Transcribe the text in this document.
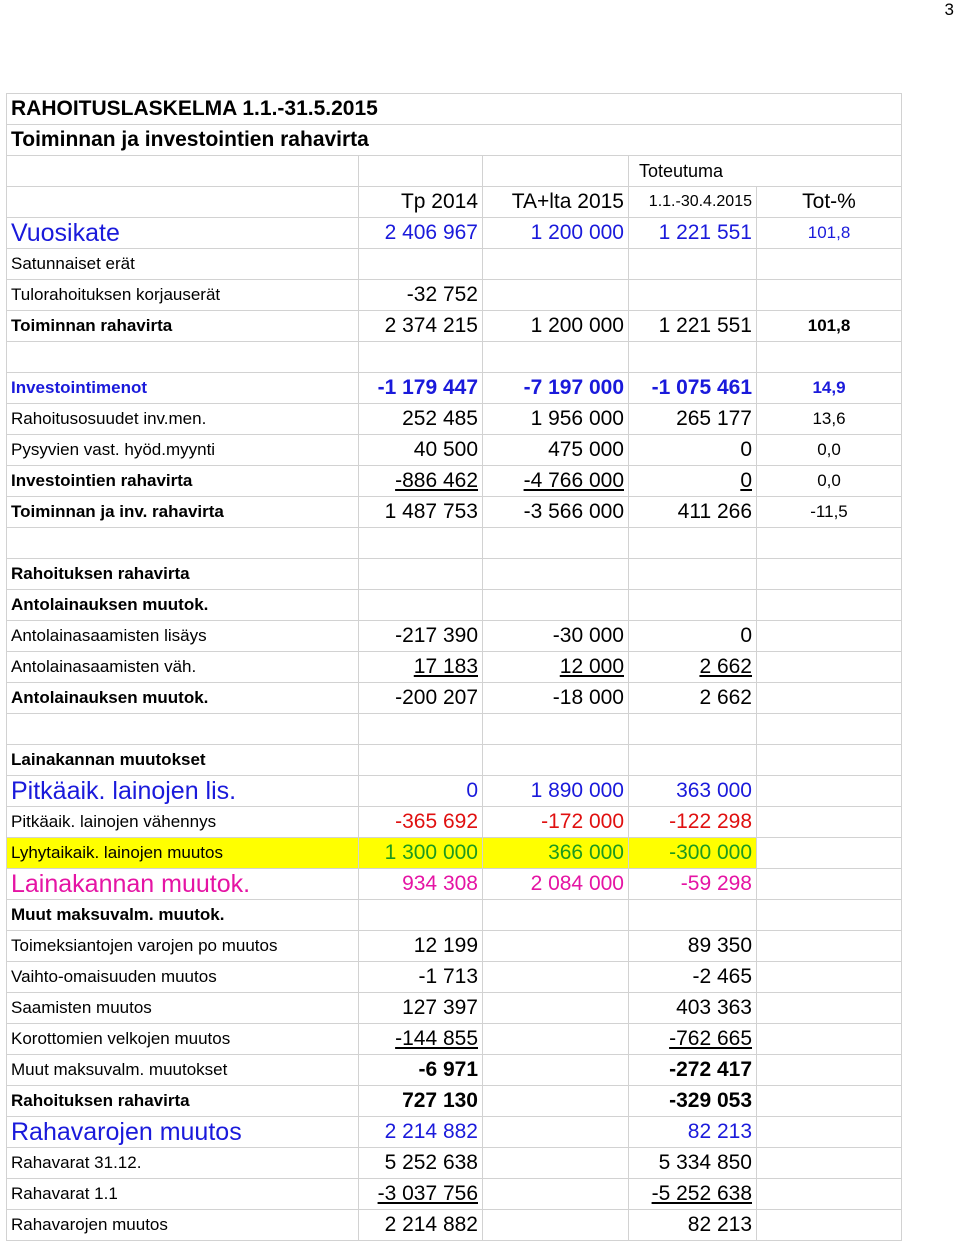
3
RAHOITUSLASKELMA 1.1.-31.5.2015				
Toiminnan ja investointien rahavirta				
			Toteutuma	
	Tp 2014	TA+lta 2015	1.1.-30.4.2015	Tot-%
Vuosikate	2 406 967	1 200 000	1 221 551	101,8
Satunnaiset erät				
Tulorahoituksen korjauserät	-32 752			
Toiminnan rahavirta	2 374 215	1 200 000	1 221 551	101,8

Investointimenot	-1 179 447	-7 197 000	-1 075 461	14,9
Rahoitusosuudet inv.men.	252 485	1 956 000	265 177	13,6
Pysyvien vast. hyöd.myynti	40 500	475 000	0	0,0
Investointien rahavirta	-886 462	-4 766 000	0	0,0
Toiminnan ja inv. rahavirta	1 487 753	-3 566 000	411 266	-11,5

Rahoituksen rahavirta				
Antolainauksen muutok.				
Antolainasaamisten lisäys	-217 390	-30 000	0	
Antolainasaamisten väh.	17 183	12 000	2 662	
Antolainauksen muutok.	-200 207	-18 000	2 662	

Lainakannan muutokset				
Pitkäaik. lainojen lis.	0	1 890 000	363 000	
Pitkäaik. lainojen vähennys	-365 692	-172 000	-122 298	
Lyhytaikaik. lainojen muutos	1 300 000	366 000	-300 000	
Lainakannan muutok.	934 308	2 084 000	-59 298	
Muut maksuvalm. muutok.				
Toimeksiantojen varojen po muutos	12 199		89 350	
Vaihto-omaisuuden muutos	-1 713		-2 465	
Saamisten muutos	127 397		403 363	
Korottomien velkojen muutos	-144 855		-762 665	
Muut maksuvalm. muutokset	-6 971		-272 417	
Rahoituksen rahavirta	727 130		-329 053	
Rahavarojen muutos	2 214 882		82 213	
Rahavarat 31.12.	5 252 638		5 334 850	
Rahavarat 1.1	-3 037 756		-5 252 638	
Rahavarojen muutos	2 214 882		82 213	
